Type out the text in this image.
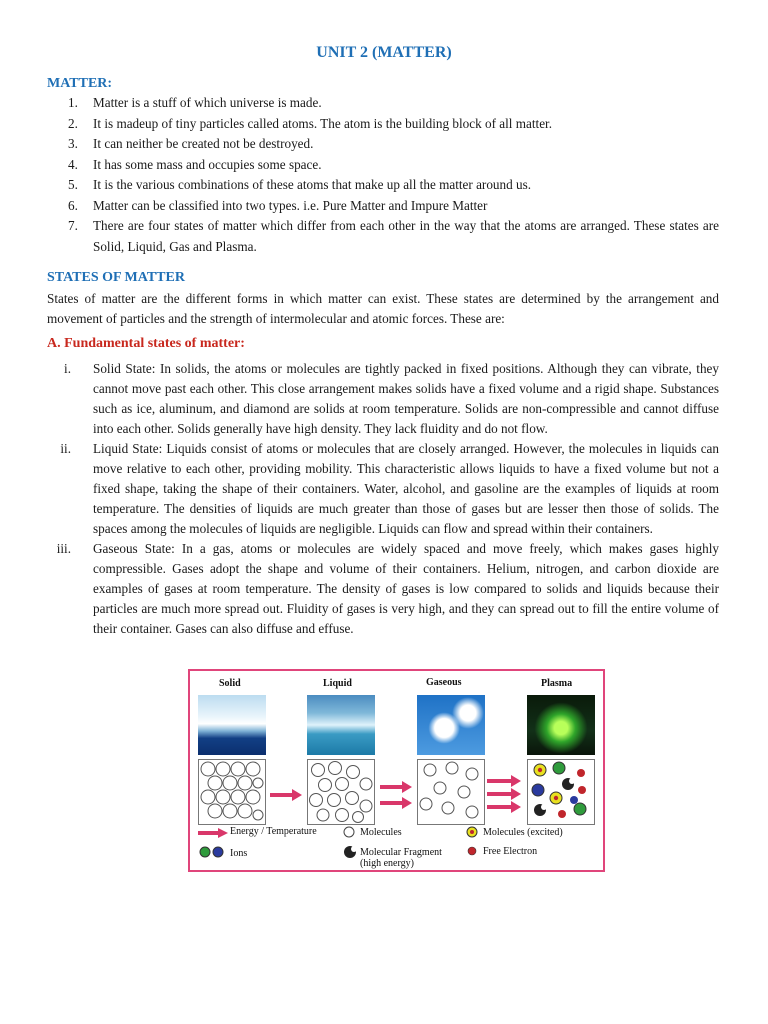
UNIT 2 (MATTER)
MATTER:
1. Matter is a stuff of which universe is made.
2. It is madeup of tiny particles called atoms. The atom is the building block of all matter.
3. It can neither be created not be destroyed.
4. It has some mass and occupies some space.
5. It is the various combinations of these atoms that make up all the matter around us.
6. Matter can be classified into two types. i.e. Pure Matter and Impure Matter
7. There are four states of matter which differ from each other in the way that the atoms are arranged. These states are Solid, Liquid, Gas and Plasma.
STATES OF MATTER

States of matter are the different forms in which matter can exist. These states are determined by the arrangement and movement of particles and the strength of intermolecular and atomic forces. These are:

A. Fundamental states of matter:
i. Solid State: In solids, the atoms or molecules are tightly packed in fixed positions. Although they can vibrate, they cannot move past each other. This close arrangement makes solids have a fixed volume and a rigid shape. Substances such as ice, aluminum, and diamond are solids at room temperature. Solids are non-compressible and cannot diffuse into each other. Solids generally have high density. They lack fluidity and do not flow.
ii. Liquid State: Liquids consist of atoms or molecules that are closely arranged. However, the molecules in liquids can move relative to each other, providing mobility. This characteristic allows liquids to have a fixed volume but not a fixed shape, taking the shape of their containers. Water, alcohol, and gasoline are the examples of liquids at room temperature. The densities of liquids are much greater than those of gases but are lesser then those of solids. The spaces among the molecules of liquids are negligible. Liquids can flow and spread within their containers.
iii. Gaseous State: In a gas, atoms or molecules are widely spaced and move freely, which makes gases highly compressible. Gases adopt the shape and volume of their containers. Helium, nitrogen, and carbon dioxide are examples of gases at room temperature. The density of gases is low compared to solids and liquids because their particles are much more spread out. Fluidity of gases is very high, and they can spread out to fill the entire volume of their container. Gases can also diffuse and effuse.
Solid	Liquid	Gaseous	Plasma
Energy / Temperature	Molecules	Molecules (excited)
Ions	Molecular Fragment
(high energy)
Free Electron
